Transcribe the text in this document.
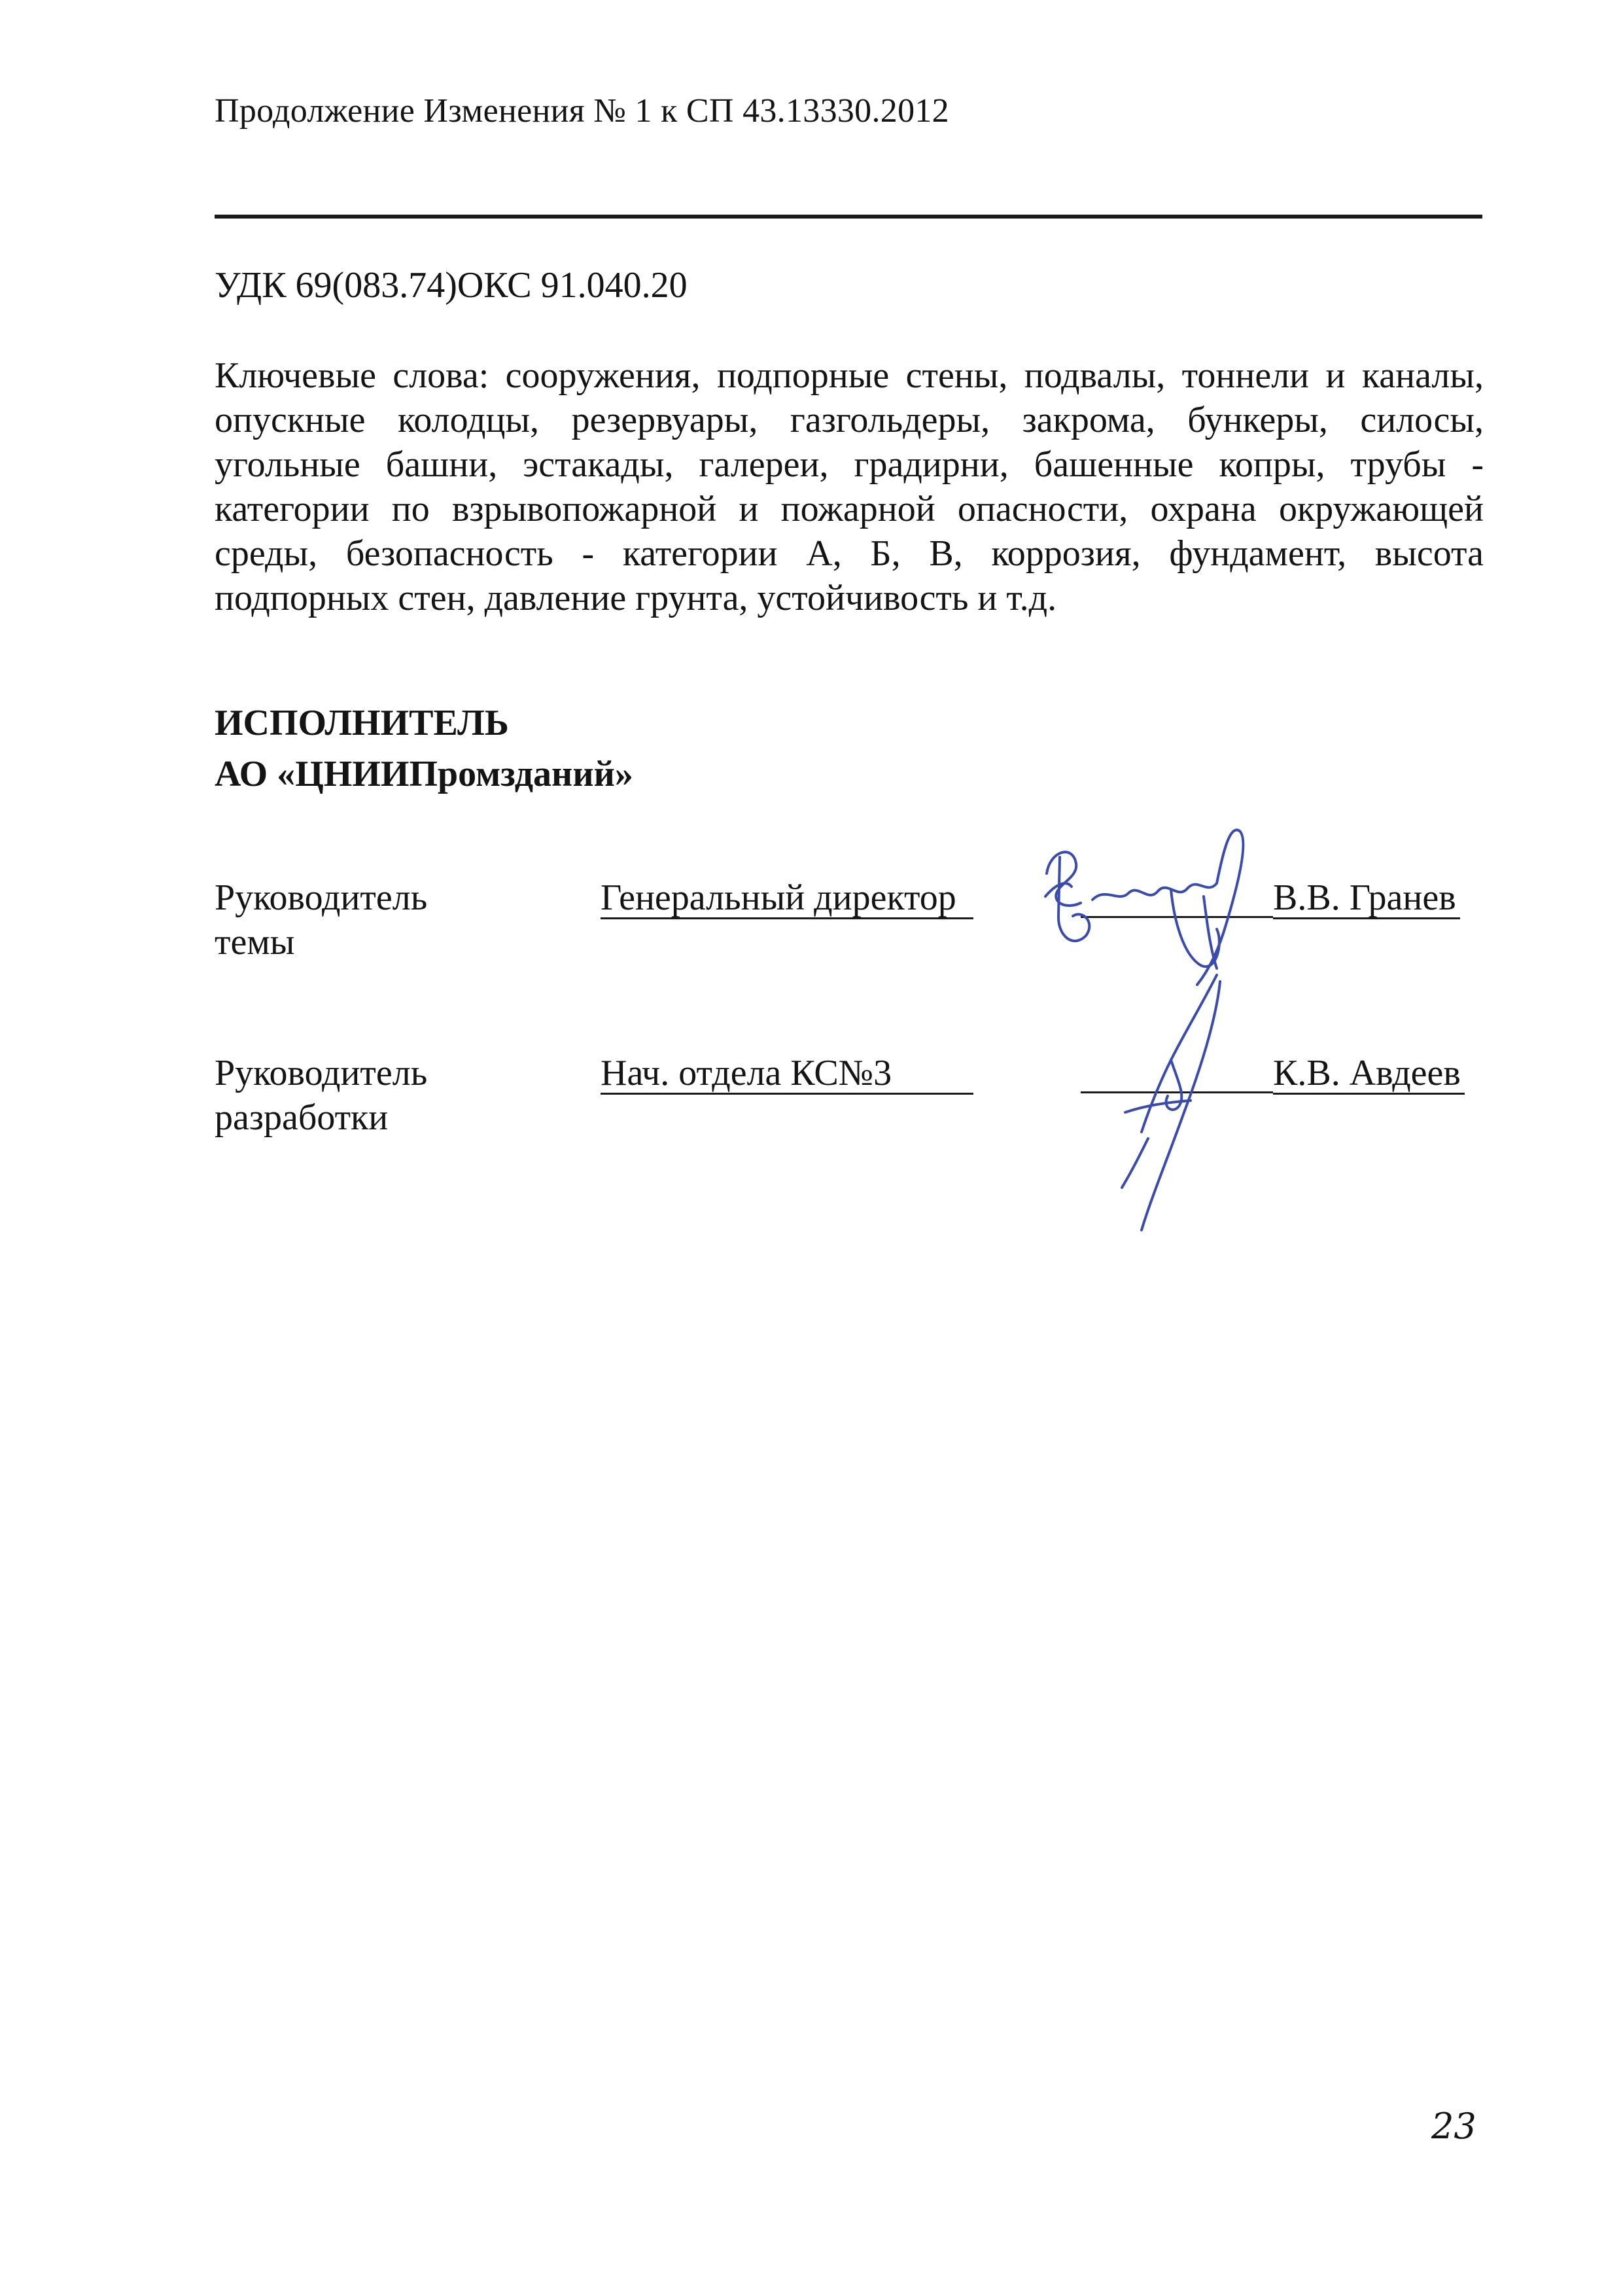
Продолжение Изменения № 1 к СП 43.13330.2012
УДК 69(083.74)ОКС 91.040.20

Ключевые слова: сооружения, подпорные стены, подвалы, тоннели и каналы, опускные колодцы, резервуары, газгольдеры, закрома, бункеры, силосы, угольные башни, эстакады, галереи, градирни, башенные копры, трубы - категории по взрывопожарной и пожарной опасности, охрана окружающей среды, безопасность - категории А, Б, В, коррозия, фундамент, высота подпорных стен, давление грунта, устойчивость и т.д.

ИСПОЛНИТЕЛЬ
АО «ЦНИИПромзданий»
Руководитель
темы
Генеральный директор	В.В. Гранев
Руководитель
разработки
Нач. отдела КС№3	К.В. Авдеев
23
